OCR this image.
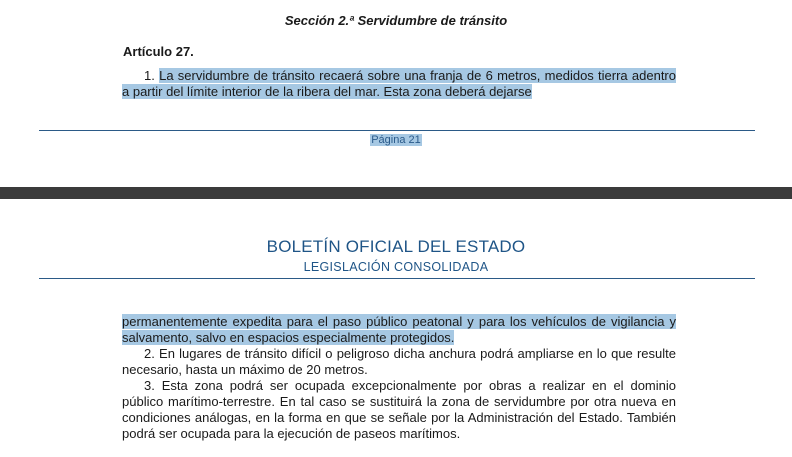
Sección 2.ª Servidumbre de tránsito
Artículo 27.
1. La servidumbre de tránsito recaerá sobre una franja de 6 metros, medidos tierra adentro a partir del límite interior de la ribera del mar. Esta zona deberá dejarse
Página 21
BOLETÍN OFICIAL DEL ESTADO
LEGISLACIÓN CONSOLIDADA

permanentemente expedita para el paso público peatonal y para los vehículos de vigilancia y salvamento, salvo en espacios especialmente protegidos.

2. En lugares de tránsito difícil o peligroso dicha anchura podrá ampliarse en lo que resulte necesario, hasta un máximo de 20 metros.

3. Esta zona podrá ser ocupada excepcionalmente por obras a realizar en el dominio público marítimo-terrestre. En tal caso se sustituirá la zona de servidumbre por otra nueva en condiciones análogas, en la forma en que se señale por la Administración del Estado. También podrá ser ocupada para la ejecución de paseos marítimos.
